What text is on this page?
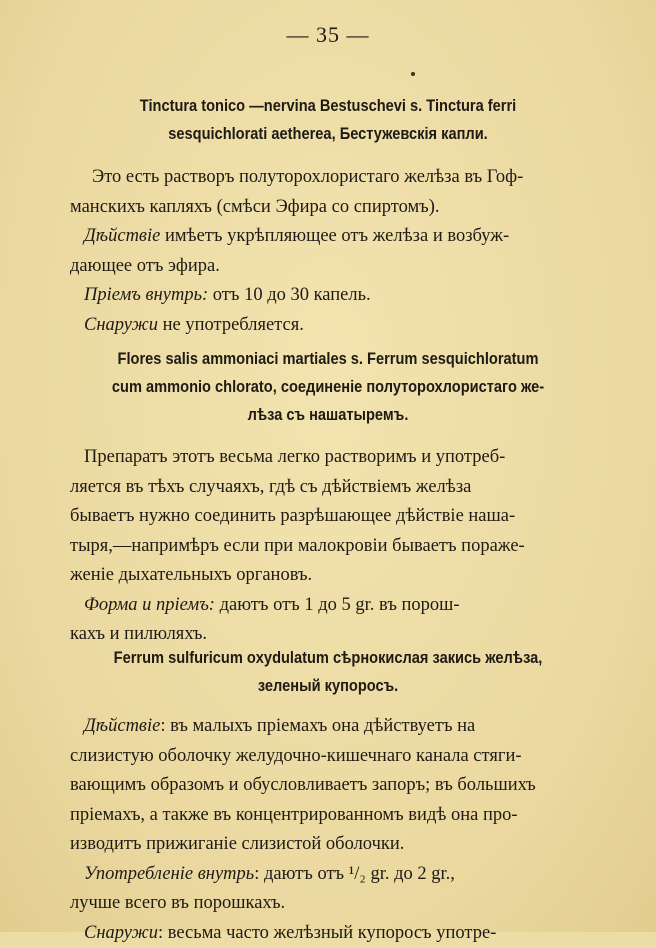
— 35 —
Tinctura tonico —nervina Bestuschevi s. Tinctura ferri
sesquichlorati aetherea, Бестужевскія капли.

Это есть растворъ полуторохлористаго желѣза въ Гоф-
манскихъ капляхъ (смѣси Эфира со спиртомъ).

Дѣйствіе имѣетъ укрѣпляющее отъ желѣза и возбуж-
дающее отъ эфира.

Пріемъ внутрь: отъ 10 до 30 капель.

Снаружи не употребляется.

Flores salis ammoniaci martiales s. Ferrum sesquichloratum
cum ammonio chlorato, соединеніе полуторохлористаго же-
лѣза съ нашатыремъ.

Препаратъ этотъ весьма легко растворимъ и употреб-
ляется въ тѣхъ случаяхъ, гдѣ съ дѣйствіемъ желѣза
бываетъ нужно соединить разрѣшающее дѣйствіе наша-
тыря,—напримѣръ если при малокровіи бываетъ пораже-
женіе дыхательныхъ органовъ.

Форма и пріемъ: даютъ отъ 1 до 5 gr. въ порош-
кахъ и пилюляхъ.

Ferrum sulfuricum oxydulatum сѣрнокислая закись желѣза,
зеленый купоросъ.

Дѣйствіе: въ малыхъ пріемахъ она дѣйствуетъ на
слизистую оболочку желудочно-кишечнаго канала стяги-
вающимъ образомъ и обусловливаетъ запоръ; въ большихъ
пріемахъ, а также въ концентрированномъ видѣ она про-
изводитъ прижиганіе слизистой оболочки.

Употребленіе внутрь: даютъ отъ ¹/₂ gr. до 2 gr.,
лучше всего въ порошкахъ.

Снаружи: весьма часто желѣзный купоросъ употре-
